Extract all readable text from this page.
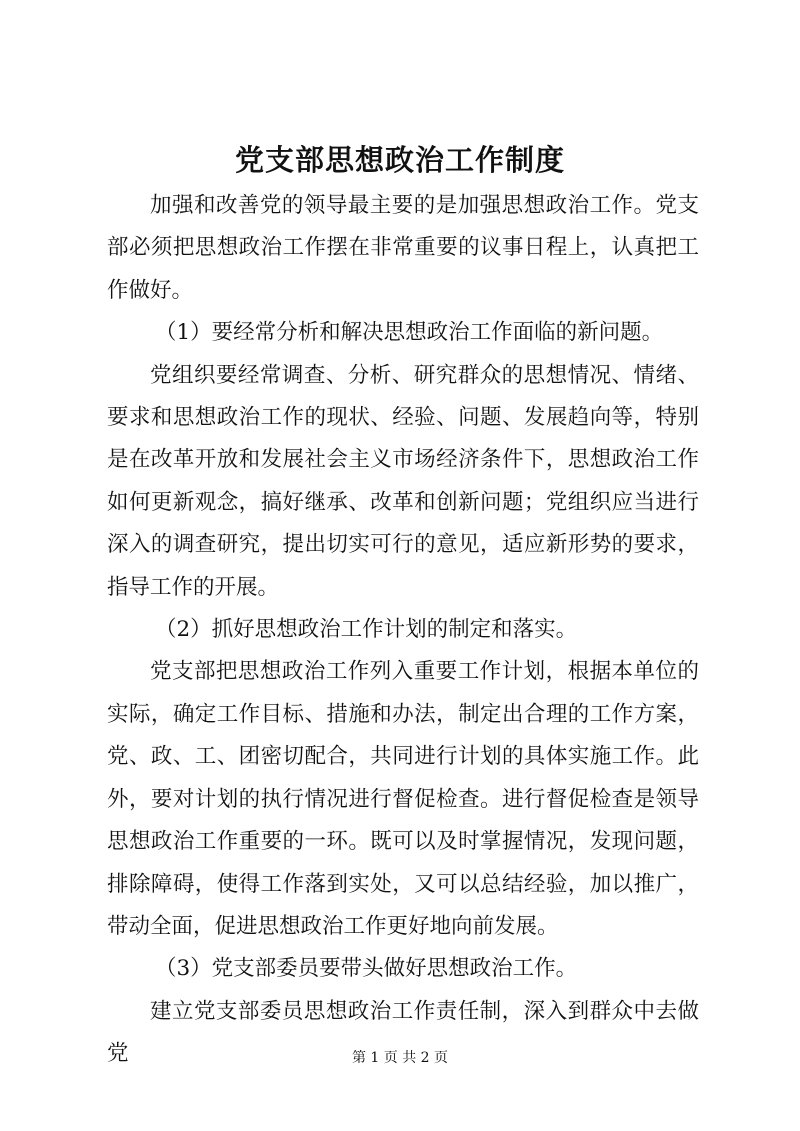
党支部思想政治工作制度

加强和改善党的领导最主要的是加强思想政治工作。党支部必须把思想政治工作摆在非常重要的议事日程上，认真把工作做好。

（1）要经常分析和解决思想政治工作面临的新问题。

党组织要经常调查、分析、研究群众的思想情况、情绪、要求和思想政治工作的现状、经验、问题、发展趋向等，特别是在改革开放和发展社会主义市场经济条件下，思想政治工作如何更新观念，搞好继承、改革和创新问题；党组织应当进行深入的调查研究，提出切实可行的意见，适应新形势的要求，指导工作的开展。

（2）抓好思想政治工作计划的制定和落实。

党支部把思想政治工作列入重要工作计划，根据本单位的实际，确定工作目标、措施和办法，制定出合理的工作方案，党、政、工、团密切配合，共同进行计划的具体实施工作。此外，要对计划的执行情况进行督促检查。进行督促检查是领导思想政治工作重要的一环。既可以及时掌握情况，发现问题，排除障碍，使得工作落到实处，又可以总结经验，加以推广，带动全面，促进思想政治工作更好地向前发展。

（3）党支部委员要带头做好思想政治工作。

建立党支部委员思想政治工作责任制，深入到群众中去做党	第 1 页 共 2 页
